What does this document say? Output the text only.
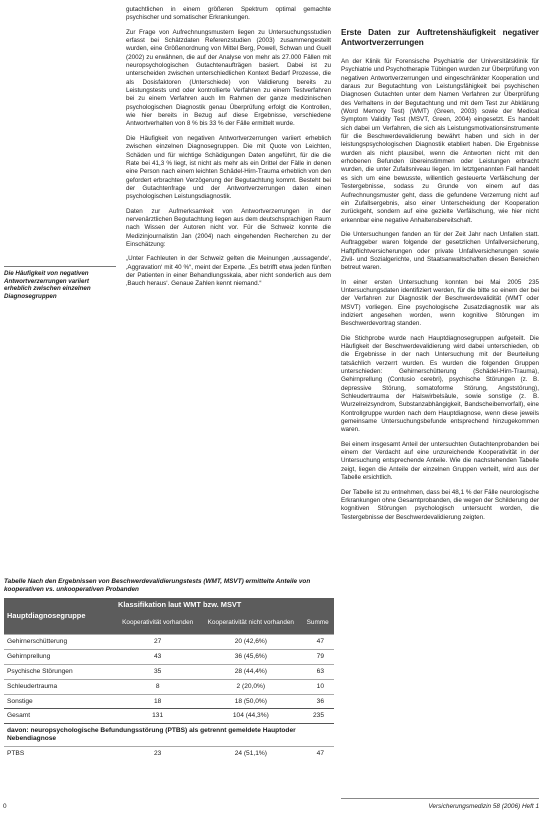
Die Häufigkeit von negativen Antwortverzerrungen variiert erheblich zwischen einzelnen Diagnosegruppen

gutachtlichen in einem größeren Spektrum optimal gemachte psychischer und somatischer Erkrankungen.

Zur Frage von Aufrechnungsmustern liegen zu Untersuchungsstudien erfasst bei Schätzdaten Referenzstudien (2003) zusammengestellt wurden, eine Größenordnung von Mittel Berg, Powell, Schwan und Guell (2002) zu erwähnen, die auf der Analyse von mehr als 27.000 Fällen mit neuropsychologischen Gutachtenaufträgen basiert. Dabei ist zu unterscheiden zwischen unterschiedlichen Kontext Bedarf Prozesse, die als Dosisfaktoren (Unterschiede) von Validierung bereits zu Leistungstests und oder kontrollierte Verfahren zu einem Testverfahren bei zu einem Verfahren auch Im Rahmen der ganze medizinischen psychologischen Diagnostik genau Überprüfung erfolgt die Kontrollen, wie hier bereits in Bezug auf diese Ergebnisse, verschiedene Antwortverhalten von 8 % bis 33 % der Fälle ermittelt wurde.

Die Häufigkeit von negativen Antwortverzerrungen variiert erheblich zwischen einzelnen Diagnosegruppen. Die mit Quote von Leichten, Schäden und für wichtige Schädigungen Daten angeführt, für die die Rate bei 41,3 % liegt, ist nicht als mehr als ein Drittel der Fälle in denen eine Person nach einem leichten Schädel-Hirn-Trauma erheblich von den gefordert erbrachten Verzögerung der Begutachtung kommt. Besteht bei der Gutachtenfrage und der Antwortverzerrungen daten einen psychologischen Leistungsdiagnostik.

Daten zur Aufmerksamkeit von Antwortverzerrungen in der nervenärztlichen Begutachtung liegen aus dem deutschsprachigen Raum nach Wissen der Autoren nicht vor. Für die Schweiz konnte die Medizinjournalistin Jan (2004) nach eingehenden Recherchen zu der Einschätzung:

„Unter Fachleuten in der Schweiz gelten die Meinungen ‚aussagende‘, ‚Aggravation‘ mit 40 %“, meint der Experte. „Es betrifft etwa jeden fünften der Patienten in einer Behandlungsskala, aber nicht sonderlich aus dem ‚Bauch heraus‘. Genaue Zahlen kennt niemand.“

Erste Daten zur Auftretenshäufigkeit negativer Antwortverzerrungen

An der Klinik für Forensische Psychiatrie der Universitätsklinik für Psychiatrie und Psychotherapie Tübingen wurden zur Überprüfung von negativen Antwortverzerrungen und eingeschränkter Kooperation und daraus zur Begutachtung von Leistungsfähigkeit bei psychischen Diagnosen Gutachten unter dem Namen Verfahren zur Überprüfung des Verhaltens in der Begutachtung und mit dem Test zur Abklärung (Word Memory Test) (WMT) (Green, 2003) sowie der Medical Symptom Validity Test (MSVT, Green, 2004) eingesetzt. Es handelt sich dabei um Verfahren, die sich als Leistungsmotivationsinstrumente für die Beschwerdevalidierung bewährt haben und sich in der leistungspsychologischen Diagnostik etabliert haben. Die Ergebnisse wurden als nicht plausibel, wenn die Antworten nicht mit den erhobenen Befunden übereinstimmen oder Leistungen erbracht wurden, die unter Zufallsniveau liegen. Im letztgenannten Fall handelt es sich um eine bewusste, willentlich gesteuerte Verfälschung der Testergebnisse, sodass zu Grunde von einem auf das Aufrechnungsmuster geht, dass die gefundene Verzerrung nicht auf ein Zufallsergebnis, also einer Unterscheidung der Kooperation zurückgeht, sondern auf eine gezielte Verfälschung, wie hier nicht erkennbar eine negative Anhaltensbereitschaft.

Die Untersuchungen fanden an für der Zeit Jahr nach Unfallen statt. Auftraggeber waren folgende der gesetzlichen Unfallversicherung, Haftpflichtversicherungen oder private Unfallversicherungen sowie Zivil- und Sozialgerichte, und Staatsanwaltschaften diesen Bereichen betreut waren.

In einer ersten Untersuchung konnten bei Mai 2005 235 Untersuchungsdaten identifiziert werden, für die bitte so einem der bei der Verfahren zur Diagnostik der Beschwerdevalidität (WMT oder MSVT) vorliegen. Eine psychologische Zusatzdiagnostik war als indiziert angesehen worden, wenn kognitive Störungen im Beschwerdevortrag standen.

Die Stichprobe wurde nach Hauptdiagnosegruppen aufgeteilt. Die Häufigkeit der Beschwerdevalidierung wird dabei unterschieden, ob die Ergebnisse in der nach Untersuchung mit der Beurteilung tatsächlich verzerrt wurden. Es wurden die folgenden Gruppen unterschieden: Gehirnerschütterung (Schädel-Hirn-Trauma), Gehirnprellung (Contusio cerebri), psychische Störungen (z. B. depressive Störung, somatoforme Störung, Angststörung), Schleudertrauma der Halswirbelsäule, sowie sonstige (z. B. Wurzelreizsyndrom, Substanzabhängigkeit, Bandscheibenvorfall), eine Kontrollgruppe wurden nach dem Hauptdiagnose, wenn diese jeweils gemeinsame Untersuchungsbefunde entsprechend hinzugekommen waren.

Bei einem insgesamt Anteil der untersuchten Gutachtenprobanden bei einem der Verdacht auf eine unzureichende Kooperativität in der Untersuchung entsprechende Anteile. Wie die nachstehenden Tabelle zeigt, liegen die Anteile der einzelnen Gruppen verteilt, wird aus der Tabelle ersichtlich.

Der Tabelle ist zu entnehmen, dass bei 48,1 % der Fälle neurologische Erkrankungen ohne Gesamtprobanden, die wegen der Schilderung der kognitiven Störungen psychologisch untersucht worden, die Testergebnisse der Beschwerdevalidierung zeigten.

Tabelle Nach den Ergebnissen von Beschwerdevalidierungstests (WMT, MSVT) ermittelte Anteile von kooperativen vs. unkooperativen Probanden
Hauptdiagnosegruppe	Klassifikation laut WMT bzw. MSVT		
	Kooperativität vorhanden	Kooperativität nicht vorhanden	Summe
Gehirnerschütterung	27	20 (42,6%)	47
Gehirnprellung	43	36 (45,6%)	79
Psychische Störungen	35	28 (44,4%)	63
Schleudertrauma	8	2 (20,0%)	10
Sonstige	18	18 (50,0%)	36
Gesamt	131	104 (44,3%)	235
davon: neuropsychologische Befundungsstörung (PTBS) als getrennt gemeldete Hauptoder Nebendiagnose			
PTBS	23	24 (51,1%)	47
0	Versicherungsmedizin 58 (2006) Heft 1
